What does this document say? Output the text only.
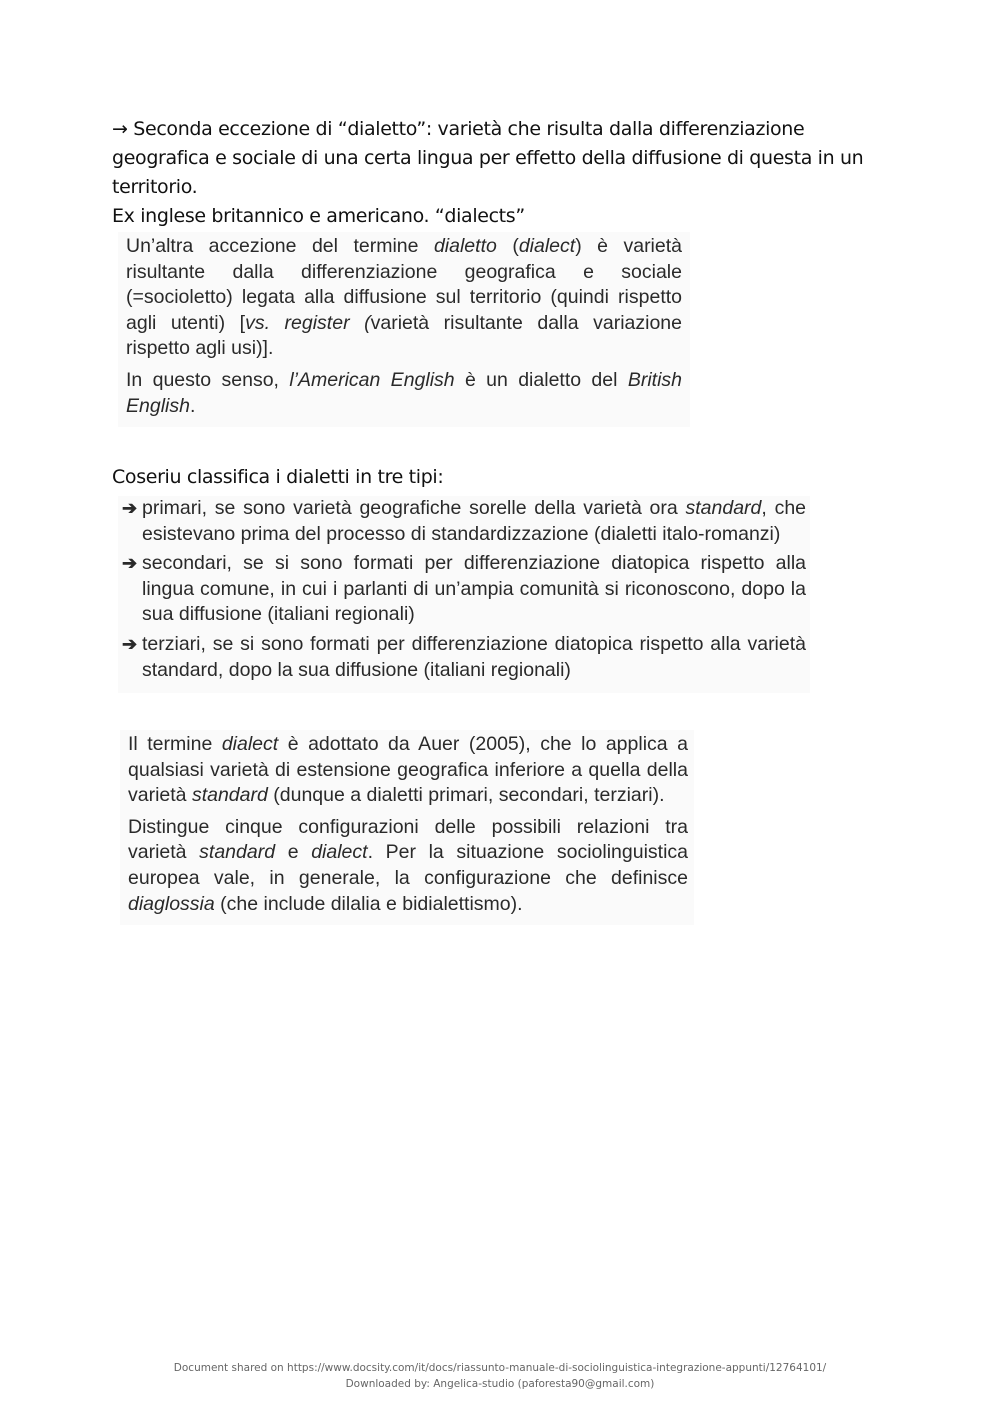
→ Seconda eccezione di “dialetto”: varietà che risulta dalla differenziazione geografica e sociale di una certa lingua per effetto della diffusione di questa in un territorio.

Ex inglese britannico e americano. “dialects”

Un’altra accezione del termine dialetto (dialect) è varietà risultante dalla differenziazione geografica e sociale (=socioletto) legata alla diffusione sul territorio (quindi rispetto agli utenti) [vs. register (varietà risultante dalla variazione rispetto agli usi)].

In questo senso, l’American English è un dialetto del British English.

Coseriu classifica i dialetti in tre tipi:
➔ primari, se sono varietà geografiche sorelle della varietà ora standard, che esistevano prima del processo di standardizzazione (dialetti italo-romanzi)
➔ secondari, se si sono formati per differenziazione diatopica rispetto alla lingua comune, in cui i parlanti di un’ampia comunità si riconoscono, dopo la sua diffusione (italiani regionali)
➔ terziari, se si sono formati per differenziazione diatopica rispetto alla varietà standard, dopo la sua diffusione (italiani regionali)

Il termine dialect è adottato da Auer (2005), che lo applica a qualsiasi varietà di estensione geografica inferiore a quella della varietà standard (dunque a dialetti primari, secondari, terziari).

Distingue cinque configurazioni delle possibili relazioni tra varietà standard e dialect. Per la situazione sociolinguistica europea vale, in generale, la configurazione che definisce diaglossia (che include dilalia e bidialettismo).

Document shared on https://www.docsity.com/it/docs/riassunto-manuale-di-sociolinguistica-integrazione-appunti/12764101/
Downloaded by: Angelica-studio (paforesta90@gmail.com)
